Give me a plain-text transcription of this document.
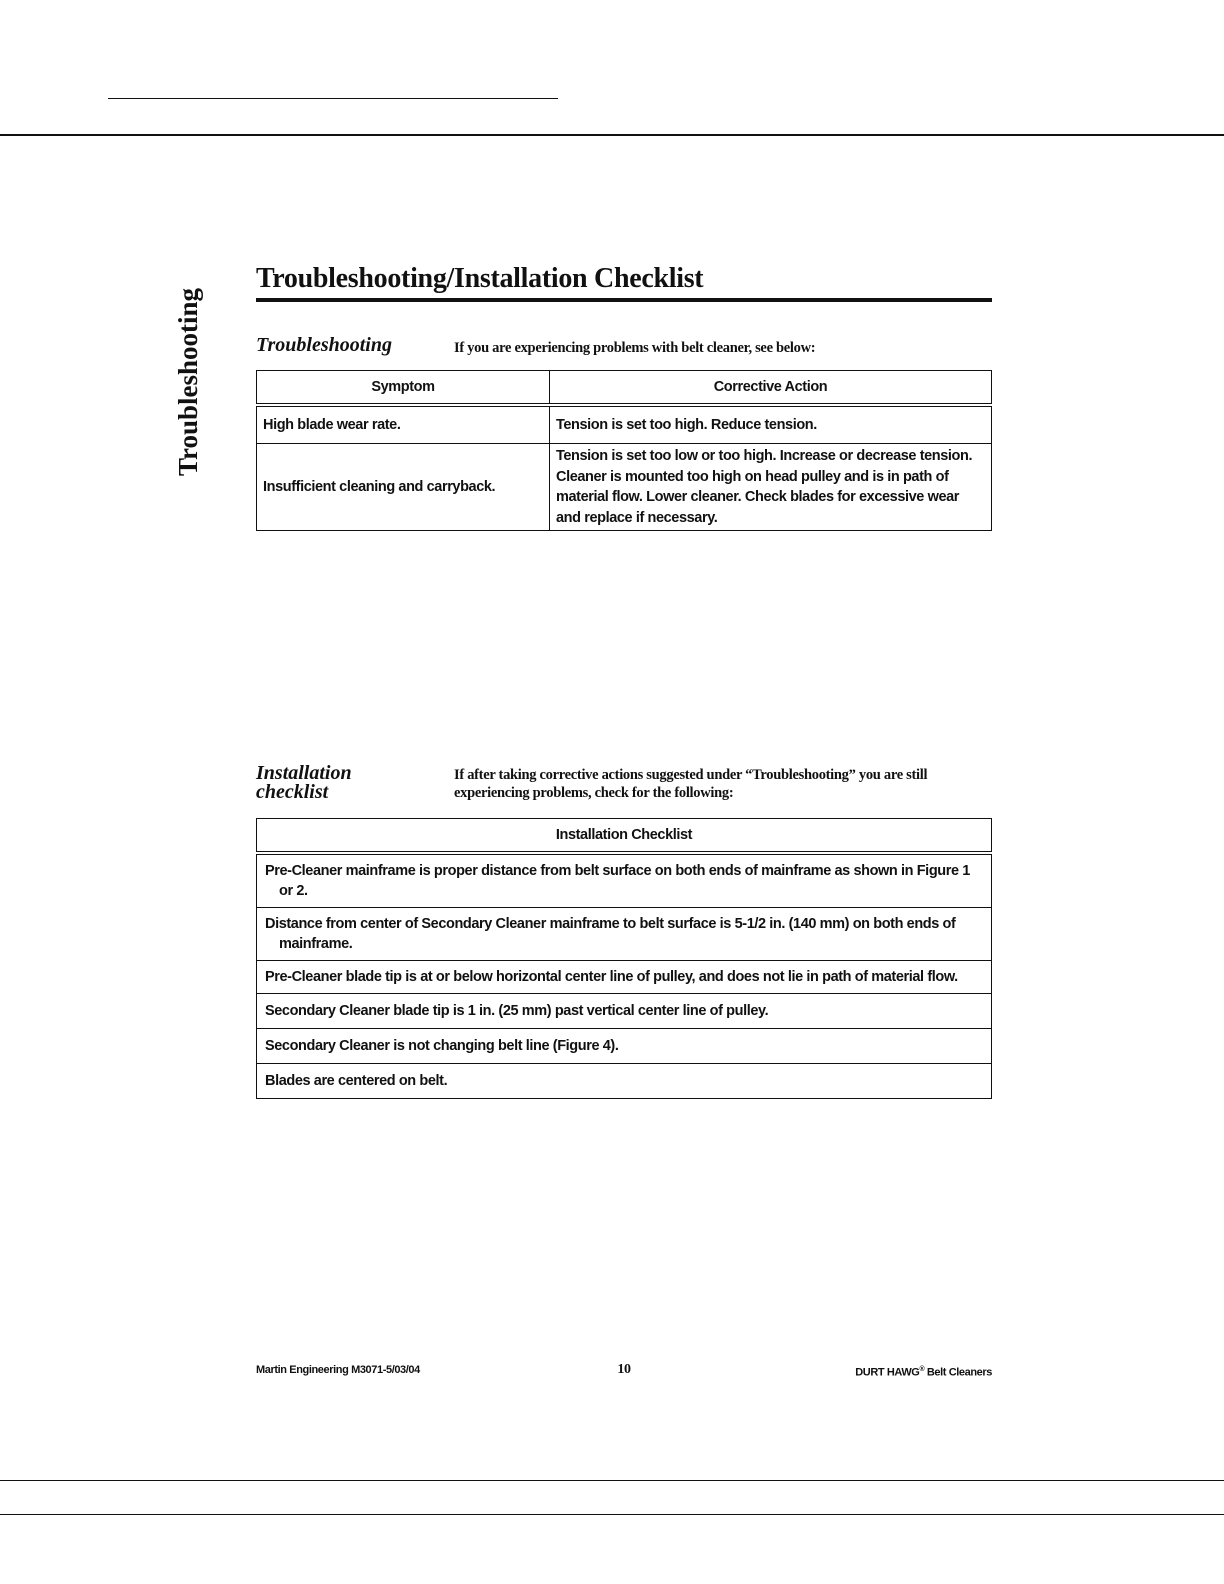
Troubleshooting
Troubleshooting/Installation Checklist
Troubleshooting	If you are experiencing problems with belt cleaner, see below:
Symptom	Corrective Action
High blade wear rate.	Tension is set too high. Reduce tension.
Insufficient cleaning and carryback.	Tension is set too low or too high. Increase or decrease tension. Cleaner is mounted too high on head pulley and is in path of material flow. Lower cleaner. Check blades for excessive wear and replace if necessary.
Installation
checklist
If after taking corrective actions suggested under “Troubleshooting” you are still experiencing problems, check for the following:
Installation Checklist

Pre-Cleaner mainframe is proper distance from belt surface on both ends of mainframe as shown in Figure 1 or 2.

Distance from center of Secondary Cleaner mainframe to belt surface is 5-1/2 in. (140 mm) on both ends of mainframe.

Pre-Cleaner blade tip is at or below horizontal center line of pulley, and does not lie in path of material flow.

Secondary Cleaner blade tip is 1 in. (25 mm) past vertical center line of pulley.

Secondary Cleaner is not changing belt line (Figure 4).

Blades are centered on belt.
Martin Engineering M3071-5/03/04	10	DURT HAWG® Belt Cleaners
